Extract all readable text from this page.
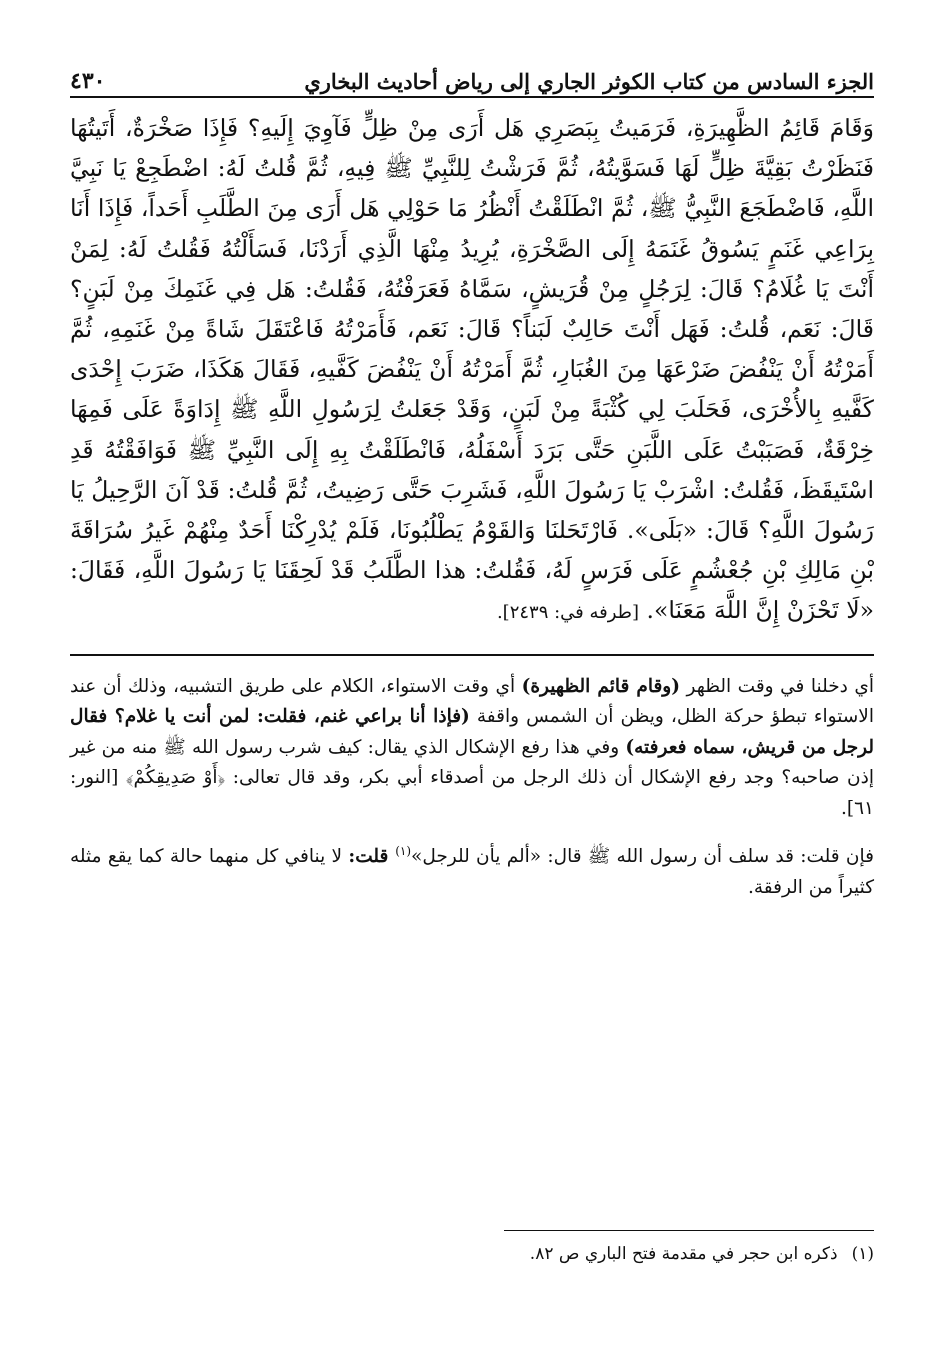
الجزء السادس من كتاب الكوثر الجاري إلى رياض أحاديث البخاري
٤٣٠

وَقَامَ قَائِمُ الظَّهِيرَةِ، فَرَمَيتُ بِبَصَرِي هَل أَرَى مِنْ ظِلٍّ فَآوِيَ إِلَيهِ؟ فَإِذَا صَخْرَةٌ، أَتَيتُهَا فَنَظَرْتُ بَقِيَّةَ ظِلٍّ لَهَا فَسَوَّيتُهُ، ثُمَّ فَرَشْتُ لِلنَّبِيِّ ﷺ فِيهِ، ثُمَّ قُلتُ لَهُ: اضْطَجِعْ يَا نَبِيَّ اللَّهِ، فَاضْطَجَعَ النَّبِيُّ ﷺ، ثُمَّ انْطَلَقْتُ أَنْظُرُ مَا حَوْلِي هَل أَرَى مِنَ الطَّلَبِ أَحَداً، فَإِذَا أَنَا بِرَاعِي غَنَمٍ يَسُوقُ غَنَمَهُ إِلَى الصَّخْرَةِ، يُرِيدُ مِنْهَا الَّذِي أَرَدْنَا، فَسَأَلْتُهُ فَقُلتُ لَهُ: لِمَنْ أَنْتَ يَا غُلَامُ؟ قَالَ: لِرَجُلٍ مِنْ قُرَيشٍ، سَمَّاهُ فَعَرَفْتُهُ، فَقُلتُ: هَل فِي غَنَمِكَ مِنْ لَبَنٍ؟ قَالَ: نَعَم، قُلتُ: فَهَل أَنْتَ حَالِبٌ لَبَناً؟ قَالَ: نَعَم، فَأَمَرْتُهُ فَاعْتَقَلَ شَاةً مِنْ غَنَمِهِ، ثُمَّ أَمَرْتُهُ أَنْ يَنْفُضَ ضَرْعَهَا مِنَ الغُبَارِ، ثُمَّ أَمَرْتُهُ أَنْ يَنْفُضَ كَفَّيهِ، فَقَالَ هَكَذَا، ضَرَبَ إِحْدَى كَفَّيهِ بِالأُخْرَى، فَحَلَبَ لِي كُثْبَةً مِنْ لَبَنٍ، وَقَدْ جَعَلتُ لِرَسُولِ اللَّهِ ﷺ إِدَاوَةً عَلَى فَمِهَا خِرْقَةٌ، فَصَبَبْتُ عَلَى اللَّبَنِ حَتَّى بَرَدَ أَسْفَلُهُ، فَانْطَلَقْتُ بِهِ إِلَى النَّبِيِّ ﷺ فَوَافَقْتُهُ قَدِ اسْتَيقَظَ، فَقُلتُ: اشْرَبْ يَا رَسُولَ اللَّهِ، فَشَرِبَ حَتَّى رَضِيتُ، ثُمَّ قُلتُ: قَدْ آنَ الرَّحِيلُ يَا رَسُولَ اللَّهِ؟ قَالَ: «بَلَى». فَارْتَحَلنَا وَالقَوْمُ يَطْلُبُونَا، فَلَمْ يُدْرِكْنَا أَحَدٌ مِنْهُمْ غَيرُ سُرَاقَةَ بْنِ مَالِكِ بْنِ جُعْشُمٍ عَلَى فَرَسٍ لَهُ، فَقُلتُ: هذا الطَّلَبُ قَدْ لَحِقَنَا يَا رَسُولَ اللَّهِ، فَقَالَ: «لَا تَحْزَنْ إِنَّ اللَّهَ مَعَنَا». [طرفه في: ٢٤٣٩].

أي دخلنا في وقت الظهر (وقام قائم الظهيرة) أي وقت الاستواء، الكلام على طريق التشبيه، وذلك أن عند الاستواء تبطؤ حركة الظل، ويظن أن الشمس واقفة (فإذا أنا براعي غنم، فقلت: لمن أنت يا غلام؟ فقال لرجل من قريش، سماه فعرفته) وفي هذا رفع الإشكال الذي يقال: كيف شرب رسول الله ﷺ منه من غير إذن صاحبه؟ وجد رفع الإشكال أن ذلك الرجل من أصدقاء أبي بكر، وقد قال تعالى: ﴿أَوْ صَدِيقِكُمْ﴾ [النور: ٦١].

فإن قلت: قد سلف أن رسول الله ﷺ قال: «ألم يأن للرجل»$^{(١)}$ قلت: لا ينافي كل منهما حالة كما يقع مثله كثيراً من الرفقة.

(١)ذكره ابن حجر في مقدمة فتح الباري ص ٨٢.
